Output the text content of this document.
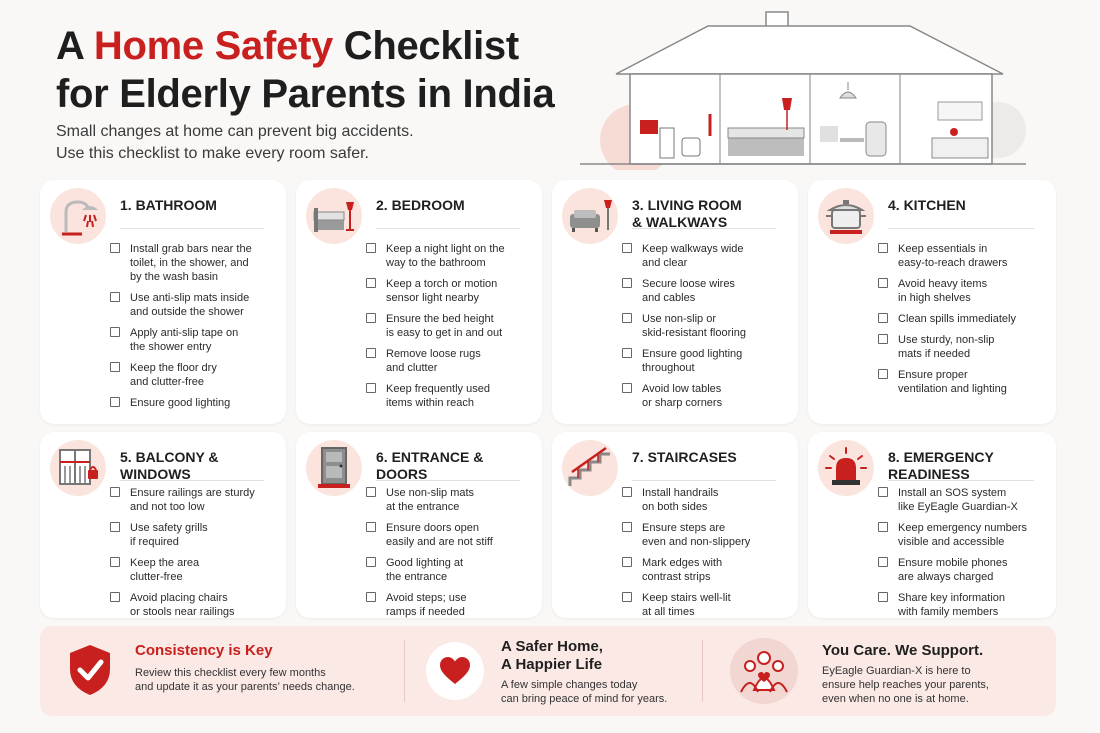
A Home Safety Checklist
for Elderly Parents in India
Small changes at home can prevent big accidents.
Use this checklist to make every room safer.
1. BATHROOM
Install grab bars near the
toilet, in the shower, and
by the wash basin
Use anti-slip mats inside
and outside the shower
Apply anti-slip tape on
the shower entry
Keep the floor dry
and clutter-free
Ensure good lighting
2. BEDROOM
Keep a night light on the
way to the bathroom
Keep a torch or motion
sensor light nearby
Ensure the bed height
is easy to get in and out
Remove loose rugs
and clutter
Keep frequently used
items within reach
3. LIVING ROOM
& WALKWAYS
Keep walkways wide
and clear
Secure loose wires
and cables
Use non-slip or
skid-resistant flooring
Ensure good lighting
throughout
Avoid low tables
or sharp corners
4. KITCHEN
Keep essentials in
easy-to-reach drawers
Avoid heavy items
in high shelves
Clean spills immediately
Use sturdy, non-slip
mats if needed
Ensure proper
ventilation and lighting
5. BALCONY & WINDOWS
Ensure railings are sturdy
and not too low
Use safety grills
if required
Keep the area
clutter-free
Avoid placing chairs
or stools near railings
6. ENTRANCE & DOORS
Use non-slip mats
at the entrance
Ensure doors open
easily and are not stiff
Good lighting at
the entrance
Avoid steps; use
ramps if needed
7. STAIRCASES
Install handrails
on both sides
Ensure steps are
even and non-slippery
Mark edges with
contrast strips
Keep stairs well-lit
at all times
8. EMERGENCY READINESS
Install an SOS system
like EyEagle Guardian-X
Keep emergency numbers
visible and accessible
Ensure mobile phones
are always charged
Share key information
with family members
Consistency is Key
Review this checklist every few months
and update it as your parents’ needs change.
A Safer Home,
A Happier Life
A few simple changes today
can bring peace of mind for years.
You Care. We Support.
EyEagle Guardian-X is here to
ensure help reaches your parents,
even when no one is at home.
